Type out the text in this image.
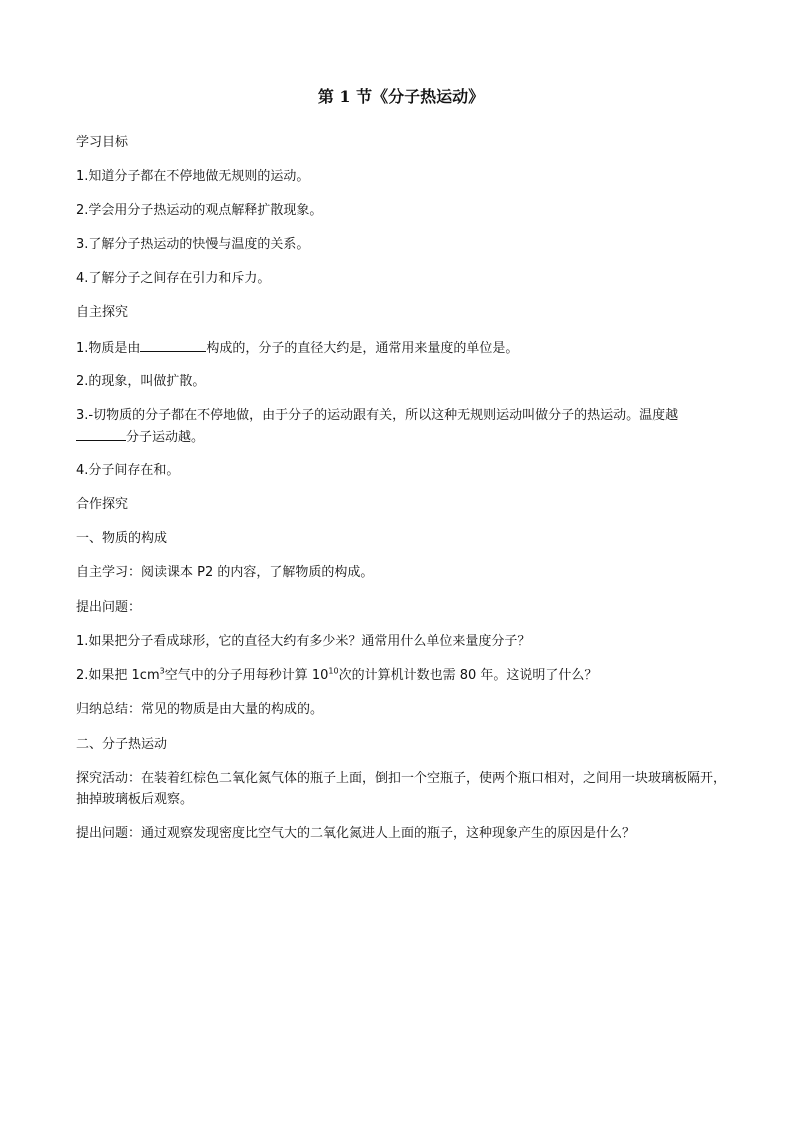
第 1 节《分子热运动》
学习目标
1.知道分子都在不停地做无规则的运动。
2.学会用分子热运动的观点解释扩散现象。
3.了解分子热运动的快慢与温度的关系。
4.了解分子之间存在引力和斥力。
自主探究
1.物质是由	构成的，分子的直径大约是，通常用来量度的单位是。
2.的现象，叫做扩散。
3.-切物质的分子都在不停地做，由于分子的运动跟有关，所以这种无规则运动叫做分子的热运动。温度越分子运动越。
4.分子间存在和。
合作探究
一、物质的构成
自主学习：阅读课本 P2 的内容，了解物质的构成。
提出问题：
1.如果把分子看成球形，它的直径大约有多少米？通常用什么单位来量度分子？
2.如果把 $1cm^3$空气中的分子用每秒计算 $10^{10}$次的计算机计数也需 80 年。这说明了什么？
归纳总结：常见的物质是由大量的构成的。
二、分子热运动
探究活动：在装着红棕色二氧化氮气体的瓶子上面，倒扣一个空瓶子，使两个瓶口相对，之间用一块玻璃板隔开，抽掉玻璃板后观察。
提出问题：通过观察发现密度比空气大的二氧化氮进人上面的瓶子，这种现象产生的原因是什么？
